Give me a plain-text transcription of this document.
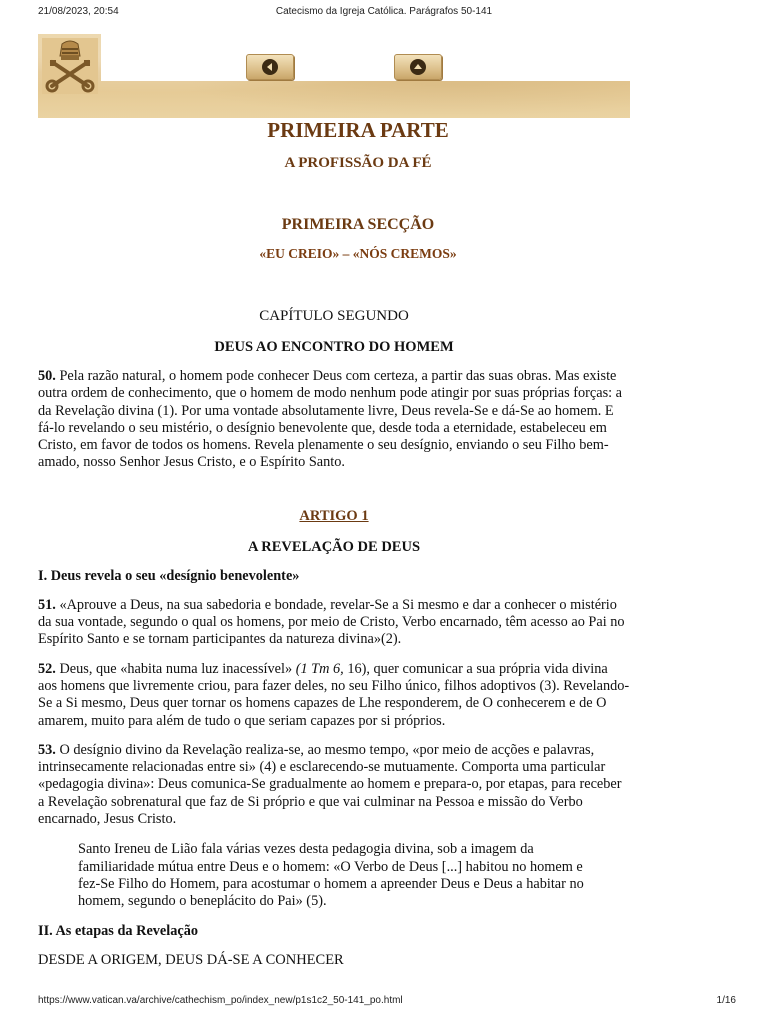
21/08/2023, 20:54	Catecismo da Igreja Católica. Parágrafos 50-141
PRIMEIRA PARTE
A PROFISSÃO DA FÉ
PRIMEIRA SECÇÃO
«EU CREIO» – «NÓS CREMOS»
CAPÍTULO SEGUNDO
DEUS AO ENCONTRO DO HOMEM

50. Pela razão natural, o homem pode conhecer Deus com certeza, a partir das suas obras. Mas existe outra ordem de conhecimento, que o homem de modo nenhum pode atingir por suas próprias forças: a da Revelação divina (1). Por uma vontade absolutamente livre, Deus revela-Se e dá-Se ao homem. E fá-lo revelando o seu mistério, o desígnio benevolente que, desde toda a eternidade, estabeleceu em Cristo, em favor de todos os homens. Revela plenamente o seu desígnio, enviando o seu Filho bem-amado, nosso Senhor Jesus Cristo, e o Espírito Santo.

ARTIGO 1
A REVELAÇÃO DE DEUS
I. Deus revela o seu «desígnio benevolente»

51. «Aprouve a Deus, na sua sabedoria e bondade, revelar-Se a Si mesmo e dar a conhecer o mistério da sua vontade, segundo o qual os homens, por meio de Cristo, Verbo encarnado, têm acesso ao Pai no Espírito Santo e se tornam participantes da natureza divina»(2).

52. Deus, que «habita numa luz inacessível» (1 Tm 6, 16), quer comunicar a sua própria vida divina aos homens que livremente criou, para fazer deles, no seu Filho único, filhos adoptivos (3). Revelando-Se a Si mesmo, Deus quer tornar os homens capazes de Lhe responderem, de O conhecerem e de O amarem, muito para além de tudo o que seriam capazes por si próprios.

53. O desígnio divino da Revelação realiza-se, ao mesmo tempo, «por meio de acções e palavras, intrinsecamente relacionadas entre si» (4) e esclarecendo-se mutuamente. Comporta uma particular «pedagogia divina»: Deus comunica-Se gradualmente ao homem e prepara-o, por etapas, para receber a Revelação sobrenatural que faz de Si próprio e que vai culminar na Pessoa e missão do Verbo encarnado, Jesus Cristo.

Santo Ireneu de Lião fala várias vezes desta pedagogia divina, sob a imagem da familiaridade mútua entre Deus e o homem: «O Verbo de Deus [...] habitou no homem e fez-Se Filho do Homem, para acostumar o homem a apreender Deus e Deus a habitar no homem, segundo o beneplácito do Pai» (5).
II. As etapas da Revelação
DESDE A ORIGEM, DEUS DÁ-SE A CONHECER
https://www.vatican.va/archive/cathechism_po/index_new/p1s1c2_50-141_po.html	1/16
